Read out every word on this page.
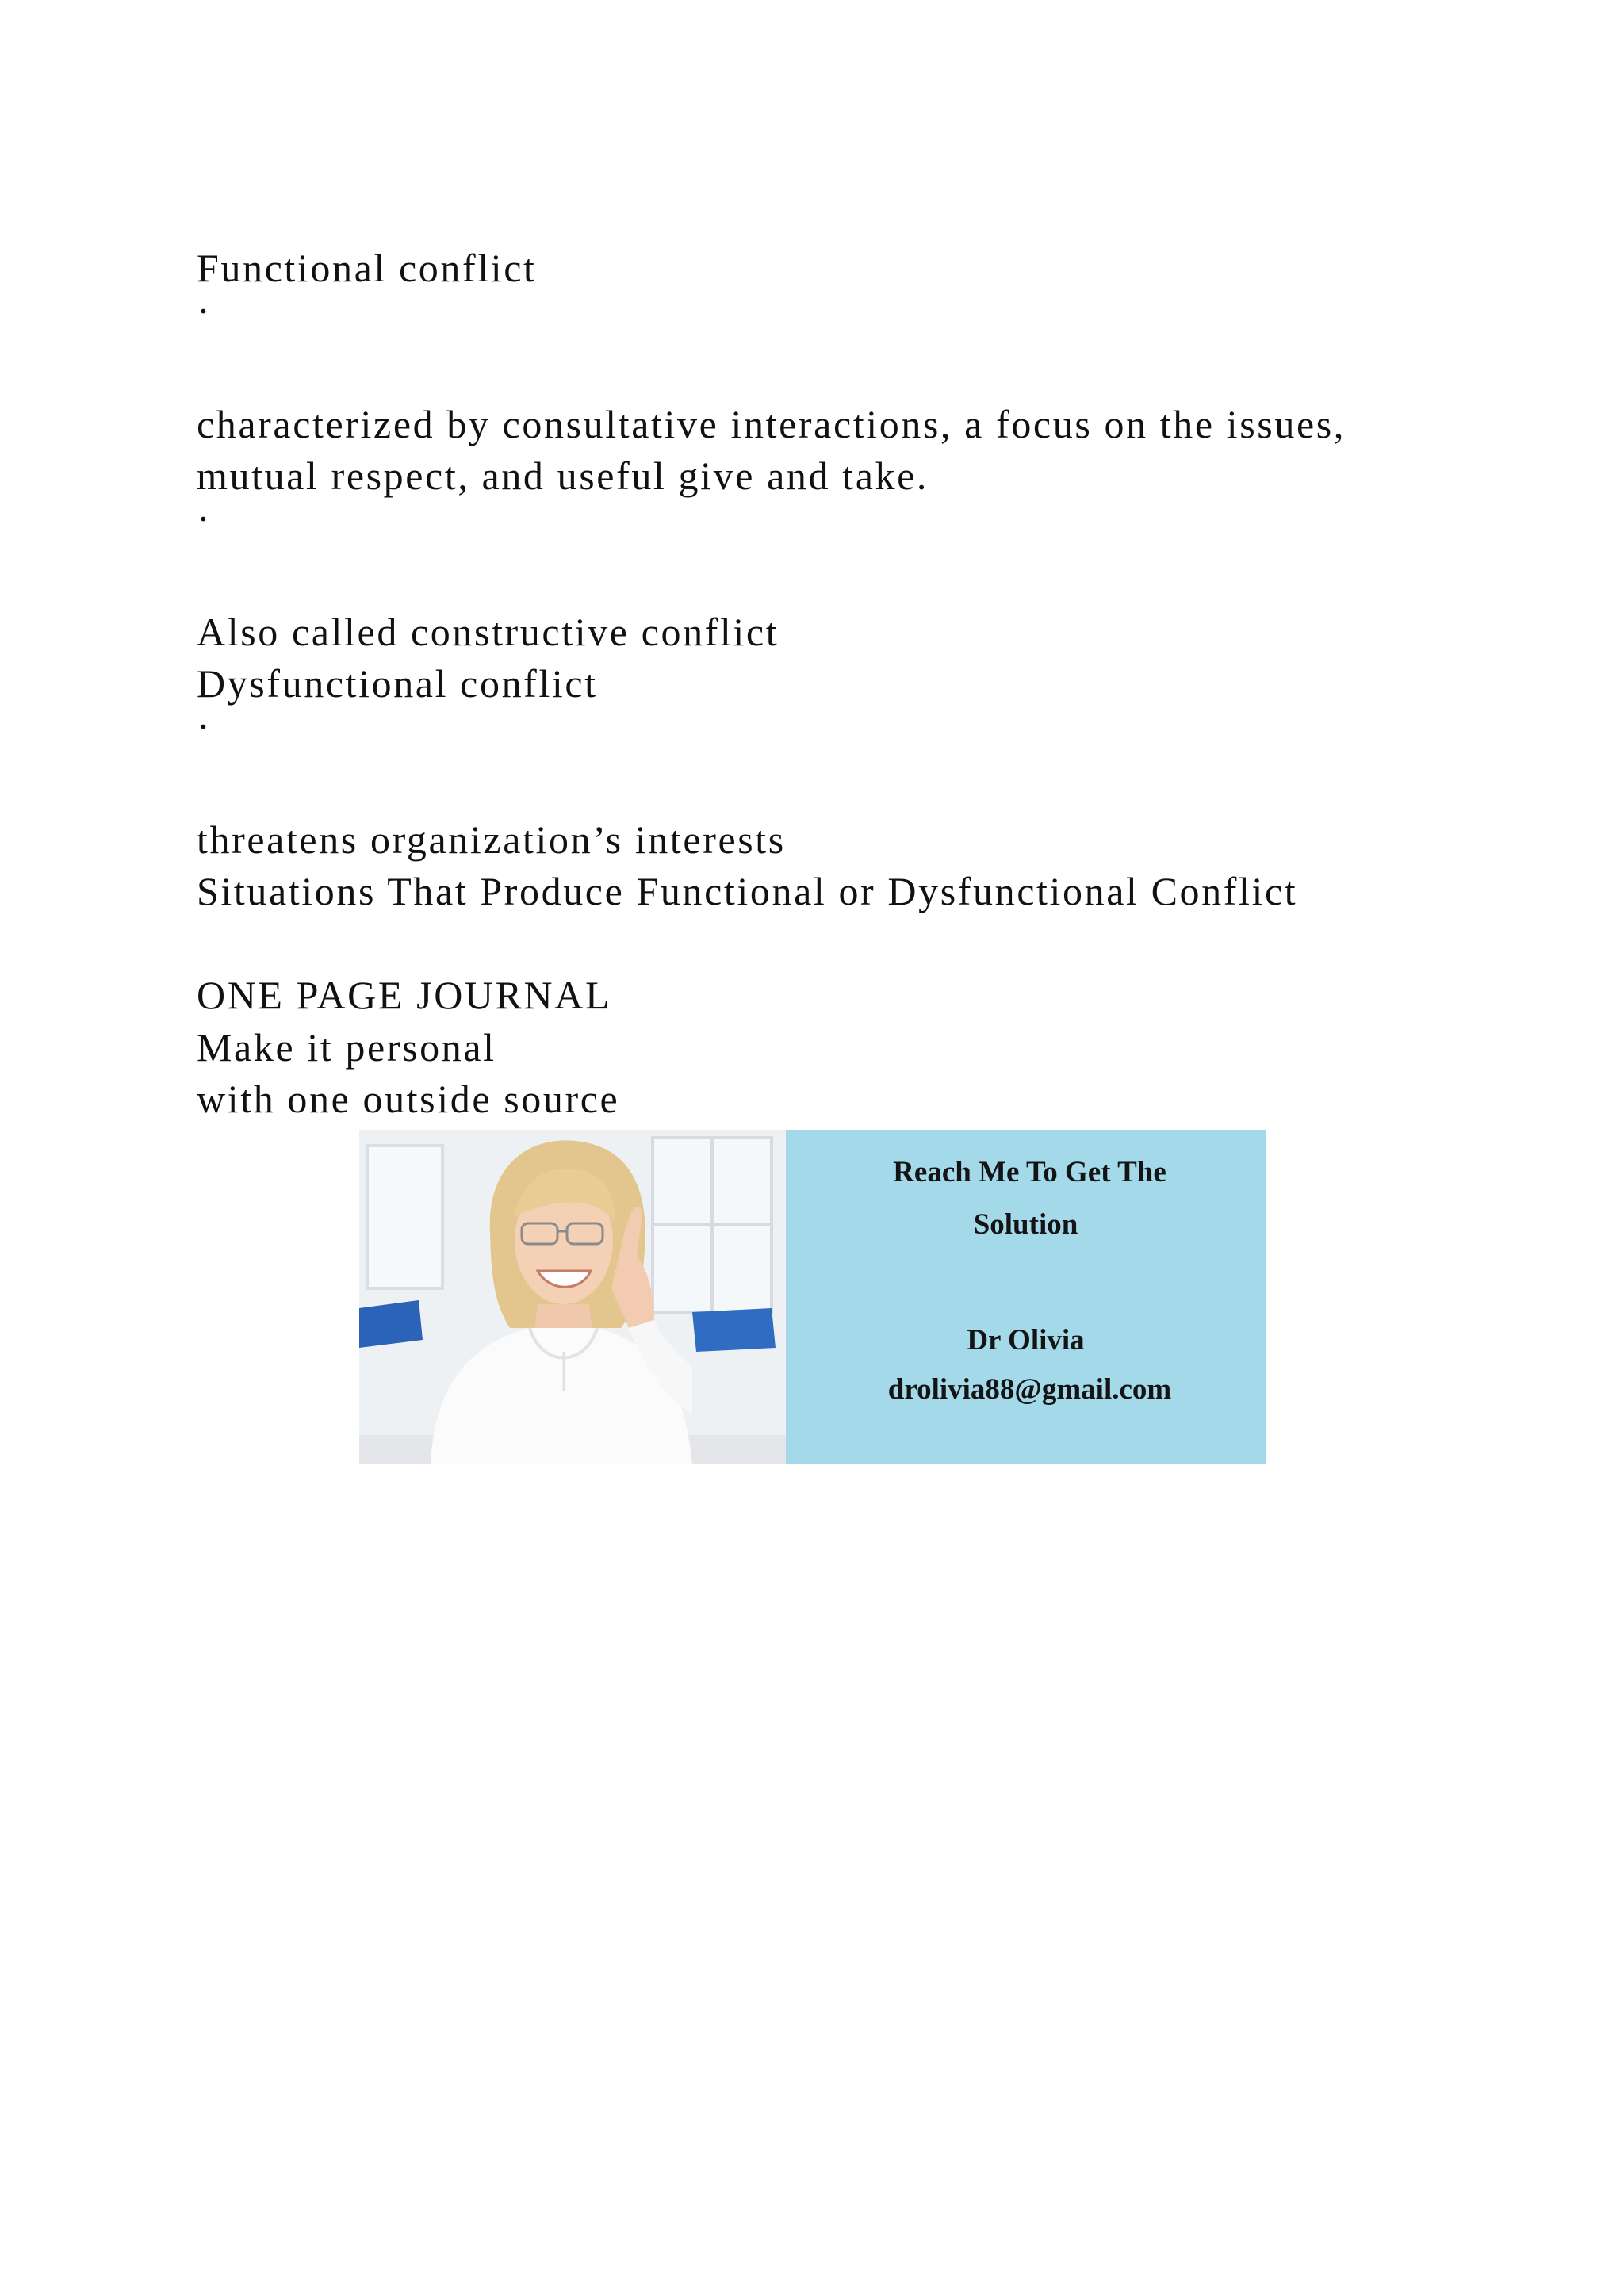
Functional conflict
·
characterized by consultative interactions, a focus on the issues,
mutual respect, and useful give and take.
·
Also called constructive conflict
Dysfunctional conflict
·
threatens organization’s interests
Situations That Produce Functional or Dysfunctional Conflict
ONE PAGE JOURNAL
Make it personal
with one outside source
Reach Me To Get The
Solution
Dr Olivia
drolivia88@gmail.com
